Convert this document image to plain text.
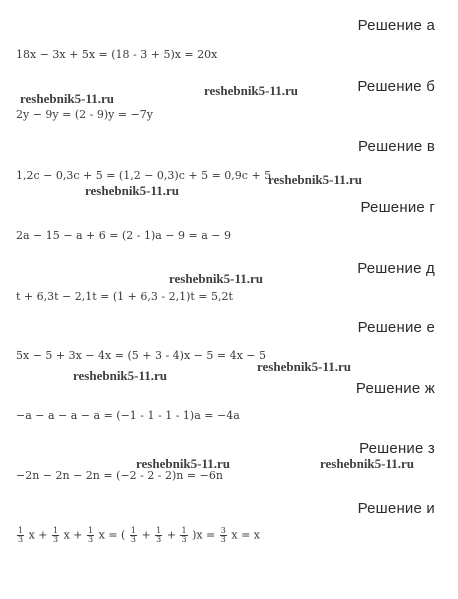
Решение а
18x − 3x + 5x = (18 - 3 + 5)x = 20x
Решение б
2y − 9y = (2 - 9)y = −7y
Решение в
1,2c − 0,3c + 5 = (1,2 − 0,3)c + 5 = 0,9c + 5
Решение г
2a − 15 − a + 6 = (2 - 1)a − 9 = a − 9
Решение д
t + 6,3t − 2,1t = (1 + 6,3 - 2,1)t = 5,2t
Решение е
5x − 5 + 3x − 4x = (5 + 3 - 4)x − 5 = 4x − 5
Решение ж
−a − a − a − a = (−1 - 1 - 1 - 1)a = −4a
Решение з
−2n − 2n − 2n = (−2 - 2 - 2)n = −6n
Решение и
$\frac{1}{3}$ $x + \frac{1}{3}$ $x + \frac{1}{3}$ x = ( $\frac{1}{3} + \frac{1}{3} + \frac{1}{3} )x = \frac{3}{3}$ x = x
reshebnik5-11.ru
reshebnik5-11.ru
reshebnik5-11.ru
reshebnik5-11.ru
reshebnik5-11.ru
reshebnik5-11.ru
reshebnik5-11.ru
reshebnik5-11.ru	reshebnik5-11.ru
